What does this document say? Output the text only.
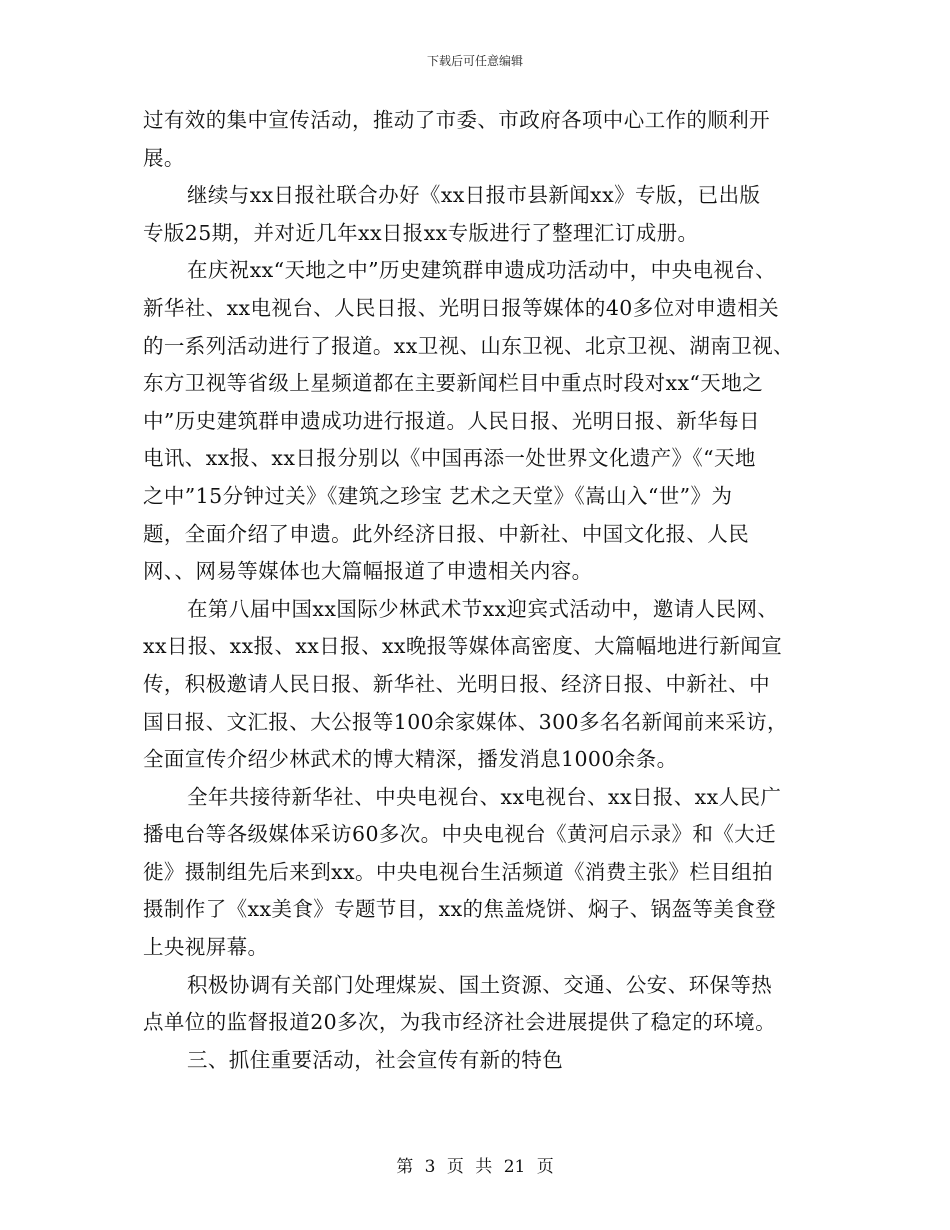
下载后可任意编辑
过有效的集中宣传活动，推动了市委、市政府各项中心工作的顺利开
展。
继续与xx日报社联合办好《xx日报市县新闻xx》专版，已出版
专版25期，并对近几年xx日报xx专版进行了整理汇订成册。
在庆祝xx“天地之中”历史建筑群申遗成功活动中，中央电视台、
新华社、xx电视台、人民日报、光明日报等媒体的40多位对申遗相关
的一系列活动进行了报道。xx卫视、山东卫视、北京卫视、湖南卫视、
东方卫视等省级上星频道都在主要新闻栏目中重点时段对xx“天地之
中”历史建筑群申遗成功进行报道。人民日报、光明日报、新华每日
电讯、xx报、xx日报分别以《中国再添一处世界文化遗产》《“天地
之中”15分钟过关》《建筑之珍宝 艺术之天堂》《嵩山入“世”》为
题，全面介绍了申遗。此外经济日报、中新社、中国文化报、人民
网、、网易等媒体也大篇幅报道了申遗相关内容。
在第八届中国xx国际少林武术节xx迎宾式活动中，邀请人民网、
xx日报、xx报、xx日报、xx晚报等媒体高密度、大篇幅地进行新闻宣
传，积极邀请人民日报、新华社、光明日报、经济日报、中新社、中
国日报、文汇报、大公报等100余家媒体、300多名名新闻前来采访，
全面宣传介绍少林武术的博大精深，播发消息1000余条。
全年共接待新华社、中央电视台、xx电视台、xx日报、xx人民广
播电台等各级媒体采访60多次。中央电视台《黄河启示录》和《大迁
徙》摄制组先后来到xx。中央电视台生活频道《消费主张》栏目组拍
摄制作了《xx美食》专题节目，xx的焦盖烧饼、焖子、锅盔等美食登
上央视屏幕。
积极协调有关部门处理煤炭、国土资源、交通、公安、环保等热
点单位的监督报道20多次，为我市经济社会进展提供了稳定的环境。
三、抓住重要活动，社会宣传有新的特色
第 3 页 共 21 页
